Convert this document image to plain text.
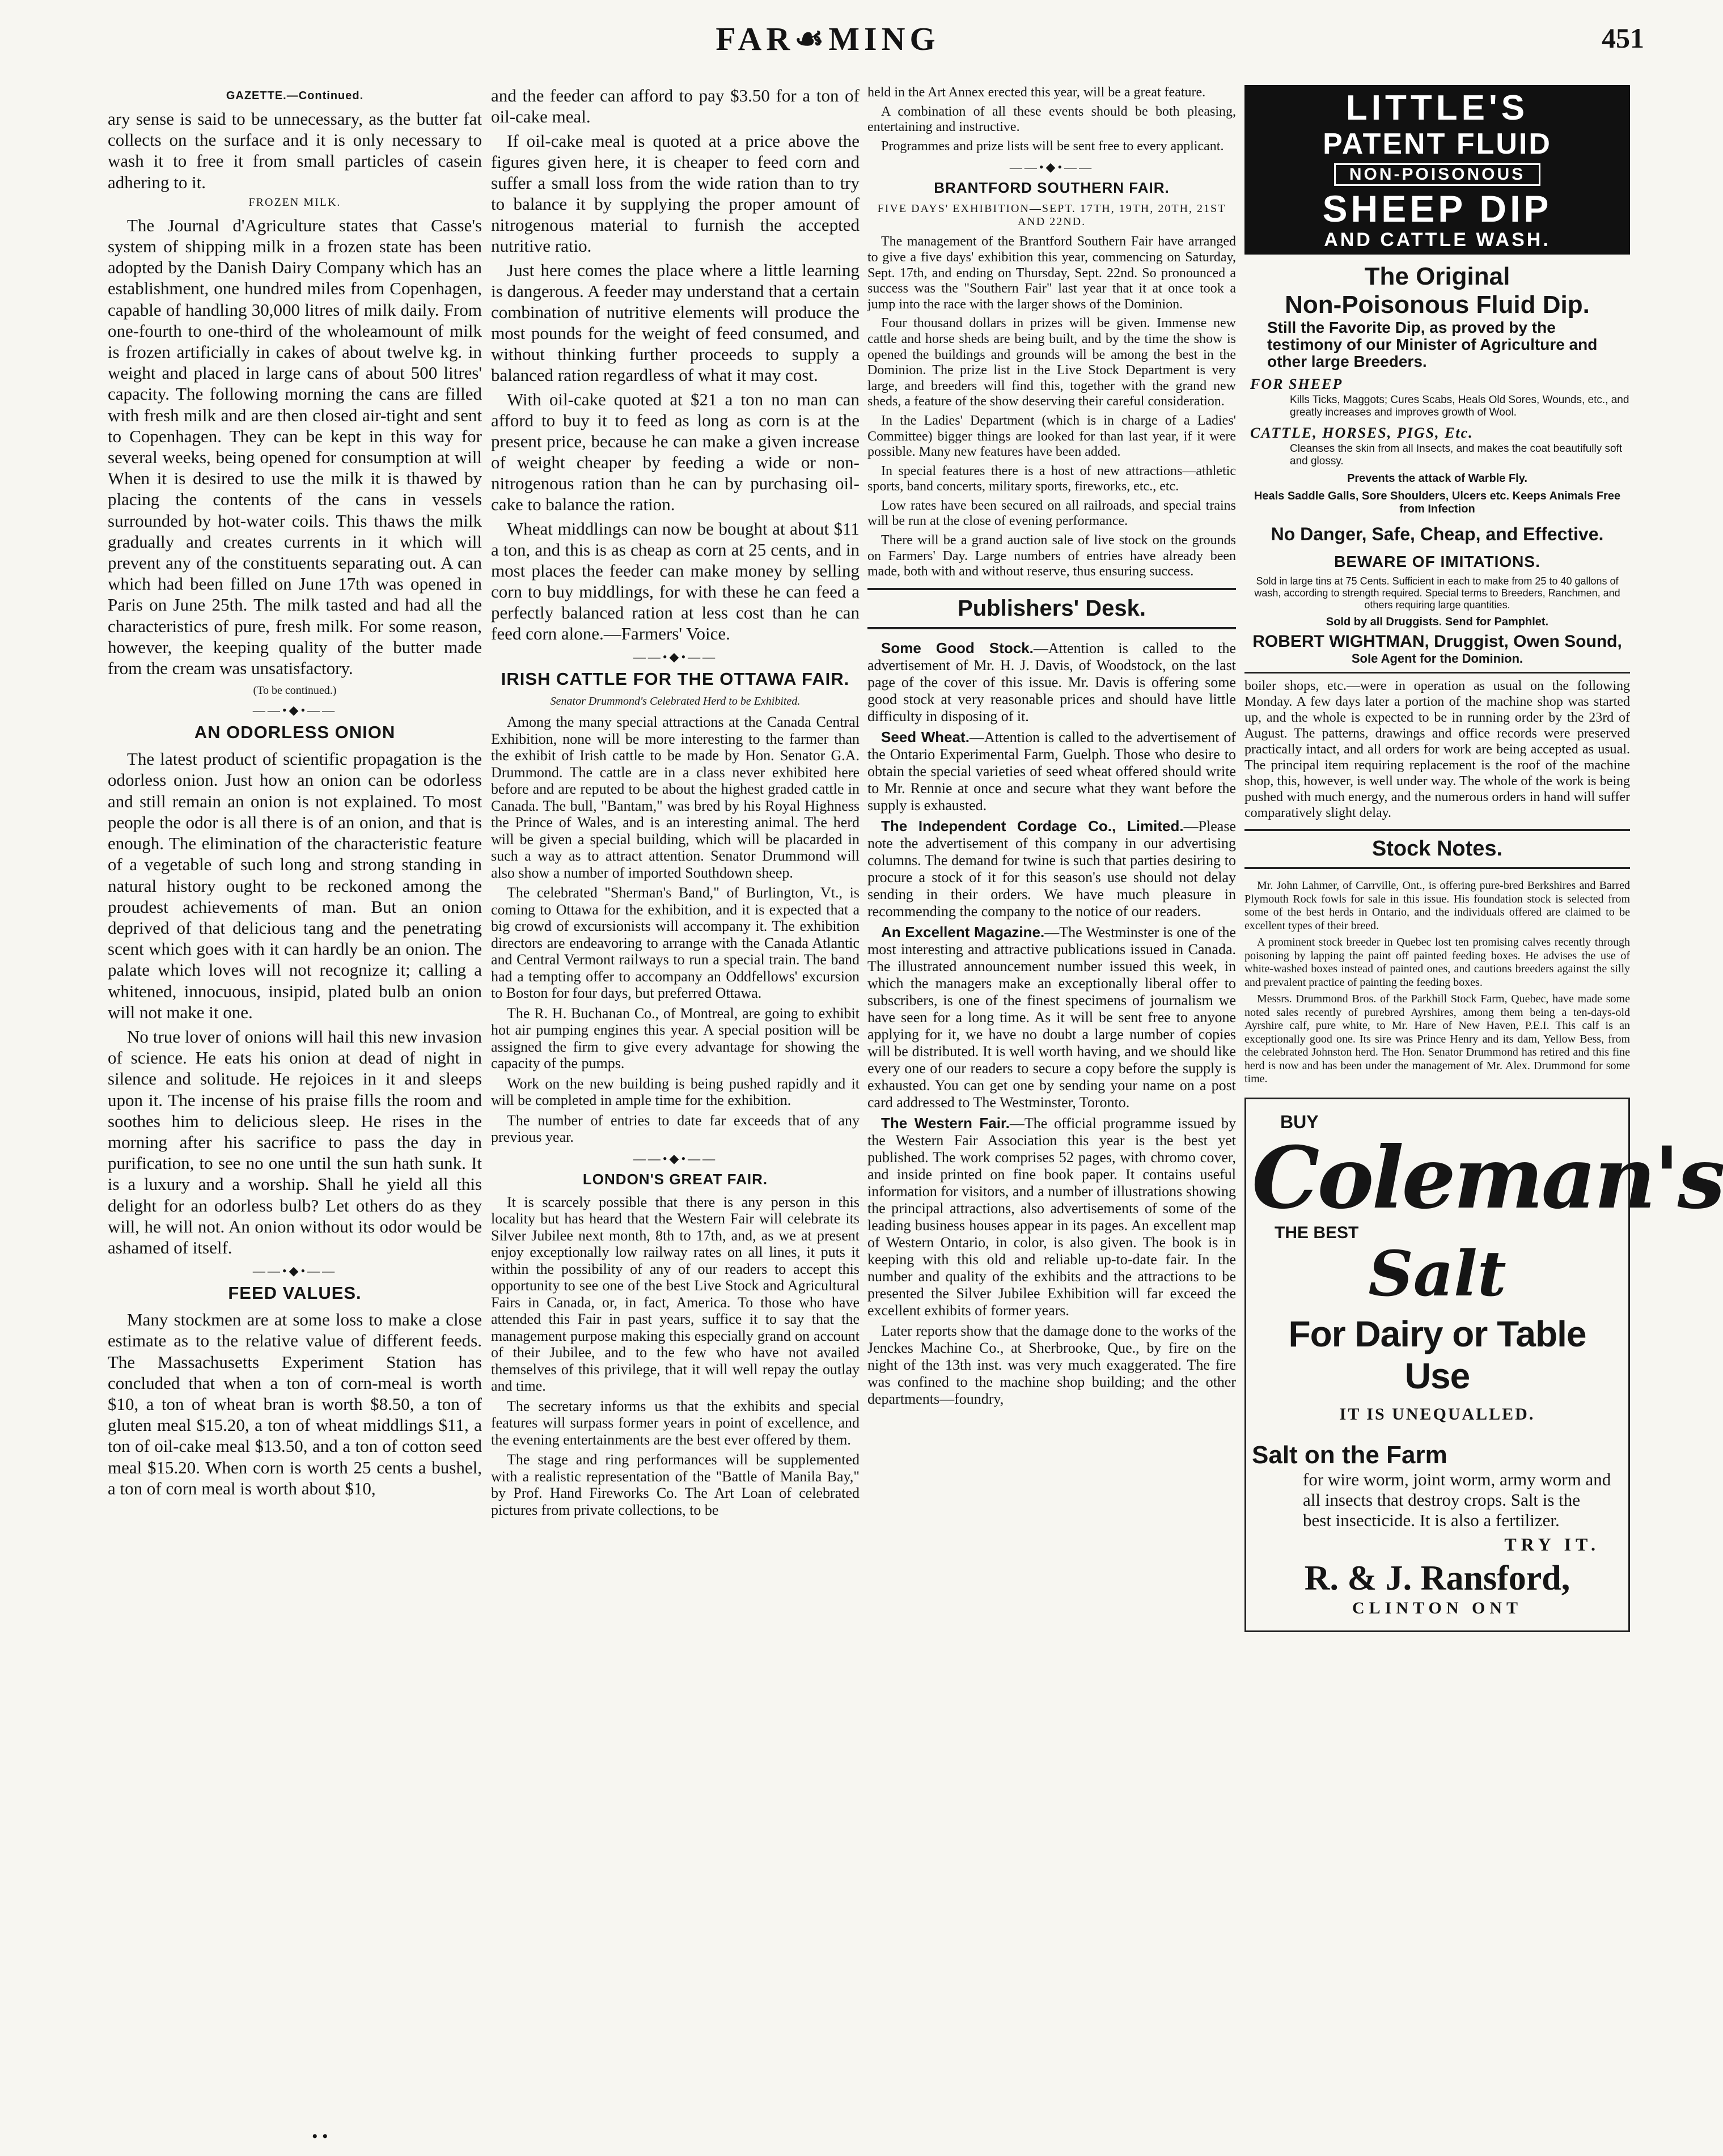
FAR☙MING	451
GAZETTE.—Continued.

ary sense is said to be unnecessary, as the butter fat collects on the surface and it is only necessary to wash it to free it from small particles of casein adhering to it.

FROZEN MILK.

The Journal d'Agriculture states that Casse's system of shipping milk in a frozen state has been adopted by the Danish Dairy Company which has an establishment, one hundred miles from Copenhagen, capable of handling 30,000 litres of milk daily. From one-fourth to one-third of the wholeamount of milk is frozen artificially in cakes of about twelve kg. in weight and placed in large cans of about 500 litres' capacity. The following morning the cans are filled with fresh milk and are then closed air-tight and sent to Copenhagen. They can be kept in this way for several weeks, being opened for consumption at will When it is desired to use the milk it is thawed by placing the contents of the cans in vessels surrounded by hot-water coils. This thaws the milk gradually and creates currents in it which will prevent any of the constituents separating out. A can which had been filled on June 17th was opened in Paris on June 25th. The milk tasted and had all the characteristics of pure, fresh milk. For some reason, however, the keeping quality of the butter made from the cream was unsatisfactory.

(To be continued.)
——•◆•——
AN ODORLESS ONION

The latest product of scientific propagation is the odorless onion. Just how an onion can be odorless and still remain an onion is not explained. To most people the odor is all there is of an onion, and that is enough. The elimination of the characteristic feature of a vegetable of such long and strong standing in natural history ought to be reckoned among the proudest achievements of man. But an onion deprived of that delicious tang and the penetrating scent which goes with it can hardly be an onion. The palate which loves will not recognize it; calling a whitened, innocuous, insipid, plated bulb an onion will not make it one.

No true lover of onions will hail this new invasion of science. He eats his onion at dead of night in silence and solitude. He rejoices in it and sleeps upon it. The incense of his praise fills the room and soothes him to delicious sleep. He rises in the morning after his sacrifice to pass the day in purification, to see no one until the sun hath sunk. It is a luxury and a worship. Shall he yield all this delight for an odorless bulb? Let others do as they will, he will not. An onion without its odor would be ashamed of itself.

——•◆•——
FEED VALUES.

Many stockmen are at some loss to make a close estimate as to the relative value of different feeds. The Massachusetts Experiment Station has concluded that when a ton of corn-meal is worth $10, a ton of wheat bran is worth $8.50, a ton of gluten meal $15.20, a ton of wheat middlings $11, a ton of oil-cake meal $13.50, and a ton of cotton seed meal $15.20. When corn is worth 25 cents a bushel, a ton of corn meal is worth about $10,

and the feeder can afford to pay $3.50 for a ton of oil-cake meal.

If oil-cake meal is quoted at a price above the figures given here, it is cheaper to feed corn and suffer a small loss from the wide ration than to try to balance it by supplying the proper amount of nitrogenous material to furnish the accepted nutritive ratio.

Just here comes the place where a little learning is dangerous. A feeder may understand that a certain combination of nutritive elements will produce the most pounds for the weight of feed consumed, and without thinking further proceeds to supply a balanced ration regardless of what it may cost.

With oil-cake quoted at $21 a ton no man can afford to buy it to feed as long as corn is at the present price, because he can make a given increase of weight cheaper by feeding a wide or non-nitrogenous ration than he can by purchasing oil-cake to balance the ration.

Wheat middlings can now be bought at about $11 a ton, and this is as cheap as corn at 25 cents, and in most places the feeder can make money by selling corn to buy middlings, for with these he can feed a perfectly balanced ration at less cost than he can feed corn alone.—Farmers' Voice.

——•◆•——
IRISH CATTLE FOR THE OTTAWA FAIR.
Senator Drummond's Celebrated Herd to be Exhibited.

Among the many special attractions at the Canada Central Exhibition, none will be more interesting to the farmer than the exhibit of Irish cattle to be made by Hon. Senator G.A. Drummond. The cattle are in a class never exhibited here before and are reputed to be about the highest graded cattle in Canada. The bull, "Bantam," was bred by his Royal Highness the Prince of Wales, and is an interesting animal. The herd will be given a special building, which will be placarded in such a way as to attract attention. Senator Drummond will also show a number of imported Southdown sheep.

The celebrated "Sherman's Band," of Burlington, Vt., is coming to Ottawa for the exhibition, and it is expected that a big crowd of excursionists will accompany it. The exhibition directors are endeavoring to arrange with the Canada Atlantic and Central Vermont railways to run a special train. The band had a tempting offer to accompany an Oddfellows' excursion to Boston for four days, but preferred Ottawa.

The R. H. Buchanan Co., of Montreal, are going to exhibit hot air pumping engines this year. A special position will be assigned the firm to give every advantage for showing the capacity of the pumps.

Work on the new building is being pushed rapidly and it will be completed in ample time for the exhibition.

The number of entries to date far exceeds that of any previous year.

——•◆•——
LONDON'S GREAT FAIR.

It is scarcely possible that there is any person in this locality but has heard that the Western Fair will celebrate its Silver Jubilee next month, 8th to 17th, and, as we at present enjoy exceptionally low railway rates on all lines, it puts it within the possibility of any of our readers to accept this opportunity to see one of the best Live Stock and Agricultural Fairs in Canada, or, in fact, America. To those who have attended this Fair in past years, suffice it to say that the management purpose making this especially grand on account of their Jubilee, and to the few who have not availed themselves of this privilege, that it will well repay the outlay and time.

The secretary informs us that the exhibits and special features will surpass former years in point of excellence, and the evening entertainments are the best ever offered by them.

The stage and ring performances will be supplemented with a realistic representation of the "Battle of Manila Bay," by Prof. Hand Fireworks Co. The Art Loan of celebrated pictures from private collections, to be

held in the Art Annex erected this year, will be a great feature.

A combination of all these events should be both pleasing, entertaining and instructive.

Programmes and prize lists will be sent free to every applicant.

——•◆•——
BRANTFORD SOUTHERN FAIR.
FIVE DAYS' EXHIBITION—SEPT. 17TH, 19TH, 20TH, 21ST AND 22ND.

The management of the Brantford Southern Fair have arranged to give a five days' exhibition this year, commencing on Saturday, Sept. 17th, and ending on Thursday, Sept. 22nd. So pronounced a success was the "Southern Fair" last year that it at once took a jump into the race with the larger shows of the Dominion.

Four thousand dollars in prizes will be given. Immense new cattle and horse sheds are being built, and by the time the show is opened the buildings and grounds will be among the best in the Dominion. The prize list in the Live Stock Department is very large, and breeders will find this, together with the grand new sheds, a feature of the show deserving their careful consideration.

In the Ladies' Department (which is in charge of a Ladies' Committee) bigger things are looked for than last year, if it were possible. Many new features have been added.

In special features there is a host of new attractions—athletic sports, band concerts, military sports, fireworks, etc., etc.

Low rates have been secured on all railroads, and special trains will be run at the close of evening performance.

There will be a grand auction sale of live stock on the grounds on Farmers' Day. Large numbers of entries have already been made, both with and without reserve, thus ensuring success.

Publishers' Desk.

Some Good Stock.—Attention is called to the advertisement of Mr. H. J. Davis, of Woodstock, on the last page of the cover of this issue. Mr. Davis is offering some good stock at very reasonable prices and should have little difficulty in disposing of it.

Seed Wheat.—Attention is called to the advertisement of the Ontario Experimental Farm, Guelph. Those who desire to obtain the special varieties of seed wheat offered should write to Mr. Rennie at once and secure what they want before the supply is exhausted.

The Independent Cordage Co., Limited.—Please note the advertisement of this company in our advertising columns. The demand for twine is such that parties desiring to procure a stock of it for this season's use should not delay sending in their orders. We have much pleasure in recommending the company to the notice of our readers.

An Excellent Magazine.—The Westminster is one of the most interesting and attractive publications issued in Canada. The illustrated announcement number issued this week, in which the managers make an exceptionally liberal offer to subscribers, is one of the finest specimens of journalism we have seen for a long time. As it will be sent free to anyone applying for it, we have no doubt a large number of copies will be distributed. It is well worth having, and we should like every one of our readers to secure a copy before the supply is exhausted. You can get one by sending your name on a post card addressed to The Westminster, Toronto.

The Western Fair.—The official programme issued by the Western Fair Association this year is the best yet published. The work comprises 52 pages, with chromo cover, and inside printed on fine book paper. It contains useful information for visitors, and a number of illustrations showing the principal attractions, also advertisements of some of the leading business houses appear in its pages. An excellent map of Western Ontario, in color, is also given. The book is in keeping with this old and reliable up-to-date fair. In the number and quality of the exhibits and the attractions to be presented the Silver Jubilee Exhibition will far exceed the excellent exhibits of former years.

Later reports show that the damage done to the works of the Jenckes Machine Co., at Sherbrooke, Que., by fire on the night of the 13th inst. was very much exaggerated. The fire was confined to the machine shop building; and the other departments—foundry,

LITTLE'S
PATENT FLUID
NON-POISONOUS
SHEEP DIP
AND CATTLE WASH.
The Original
Non-Poisonous Fluid Dip.
Still the Favorite Dip, as proved by the testimony of our Minister of Agriculture and other large Breeders.
FOR SHEEP
Kills Ticks, Maggots; Cures Scabs, Heals Old Sores, Wounds, etc., and greatly increases and improves growth of Wool.
CATTLE, HORSES, PIGS, Etc.
Cleanses the skin from all Insects, and makes the coat beautifully soft and glossy.
Prevents the attack of Warble Fly.
Heals Saddle Galls, Sore Shoulders, Ulcers etc. Keeps Animals Free from Infection
No Danger, Safe, Cheap, and Effective.
BEWARE OF IMITATIONS.
Sold in large tins at 75 Cents. Sufficient in each to make from 25 to 40 gallons of wash, according to strength required. Special terms to Breeders, Ranchmen, and others requiring large quantities.
Sold by all Druggists. Send for Pamphlet.
ROBERT WIGHTMAN, Druggist, Owen Sound,
Sole Agent for the Dominion.

boiler shops, etc.—were in operation as usual on the following Monday. A few days later a portion of the machine shop was started up, and the whole is expected to be in running order by the 23rd of August. The patterns, drawings and office records were preserved practically intact, and all orders for work are being accepted as usual. The principal item requiring replacement is the roof of the machine shop, this, however, is well under way. The whole of the work is being pushed with much energy, and the numerous orders in hand will suffer comparatively slight delay.

Stock Notes.

Mr. John Lahmer, of Carrville, Ont., is offering pure-bred Berkshires and Barred Plymouth Rock fowls for sale in this issue. His foundation stock is selected from some of the best herds in Ontario, and the individuals offered are claimed to be excellent types of their breed.

A prominent stock breeder in Quebec lost ten promising calves recently through poisoning by lapping the paint off painted feeding boxes. He advises the use of white-washed boxes instead of painted ones, and cautions breeders against the silly and prevalent practice of painting the feeding boxes.

Messrs. Drummond Bros. of the Parkhill Stock Farm, Quebec, have made some noted sales recently of purebred Ayrshires, among them being a ten-days-old Ayrshire calf, pure white, to Mr. Hare of New Haven, P.E.I. This calf is an exceptionally good one. Its sire was Prince Henry and its dam, Yellow Bess, from the celebrated Johnston herd. The Hon. Senator Drummond has retired and this fine herd is now and has been under the management of Mr. Alex. Drummond for some time.

BUY
Coleman's
THE BEST
Salt
For Dairy or Table Use
IT IS UNEQUALLED.
Salt on the Farm
for wire worm, joint worm, army worm and all insects that destroy crops. Salt is the best insecticide. It is also a fertilizer.
TRY IT.
R. & J. Ransford,
CLINTON ONT
• •
